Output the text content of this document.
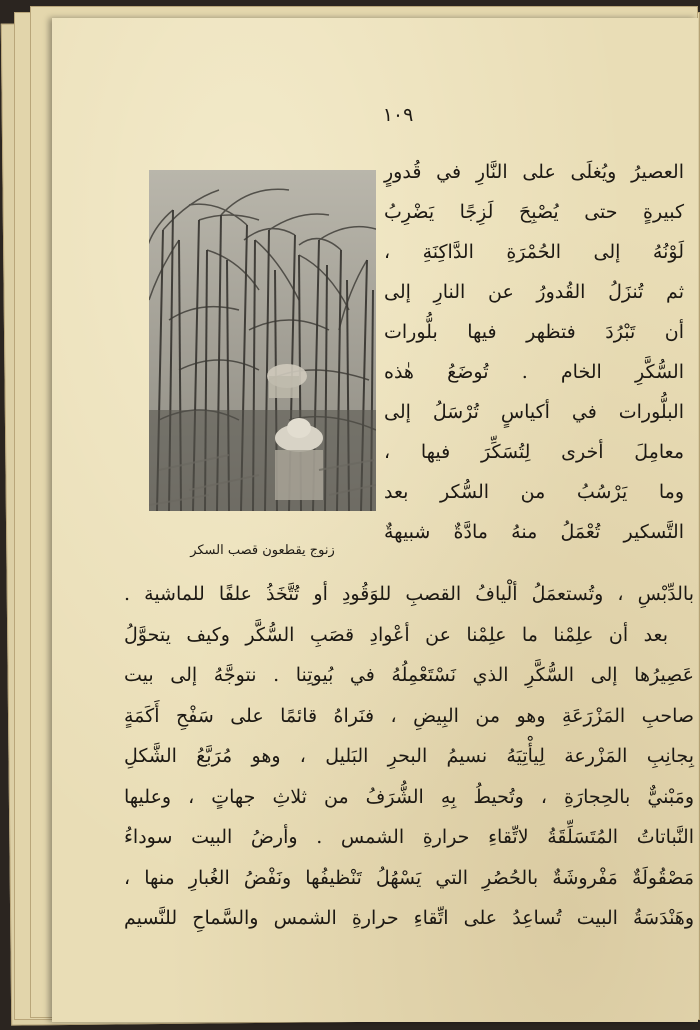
١٠٩
زنوج يقطعون قصب السكر
العصيرُ ويُغلَى على النَّارِ في قُدورٍ
كبيرةٍ حتى يُصْبِحَ لَزِجًا يَضْرِبُ
لَوْنُهُ إلى الحُمْرَةِ الدَّاكِنَةِ ،
ثم تُنزَلُ القُدورُ عن النارِ إلى
أن تَبْرُدَ فتظهر فيها بلُّورات
السُّكَّرِ الخام . تُوضَعُ هٰذه
البلُّورات في أكياسٍ تُرْسَلُ إلى
معامِلَ أخرى لِتُسَكِّرَ فيها ،
وما يَرْسُبُ من السُّكر بعد
التَّسكير تُعْمَلُ منهُ مادَّةٌ شبيهةٌ
بالدِّبْسِ ، وتُستعمَلُ ألْيافُ القصبِ للوَقُودِ أو تُتَّخَذُ علفًا للماشية .
بعد أن علِمْنا ما علِمْنا عن أعْوادِ قصَبِ السُّكَّر وكيف يتحوَّلُ
عَصِيرُها إلى السُّكَّرِ الذي نَسْتَعْمِلُهُ في بُيوتِنا . نتوجَّهُ إلى بيت
صاحبِ المَزْرَعَةِ وهو من البِيضِ ، فنَراهُ قائمًا على سَفْحِ أَكَمَةٍ
بِجانِبِ المَزْرعة لِيأْتِيَهُ نسيمُ البحرِ البَليل ، وهو مُرَبَّعُ الشَّكلِ
ومَبْنيٌّ بالحِجارَةِ ، وتُحيطُ بِهِ الشُّرَفُ من ثلاثِ جهاتٍ ، وعليها
النَّباتاتُ المُتَسَلِّقَةُ لاتِّقاءِ حرارةِ الشمس . وأرضُ البيت سوداءُ
مَصْقُولَةٌ مَفْروشَةٌ بالحُصُرِ التي يَسْهُلُ تَنْظيفُها ونَفْضُ الغُبارِ منها ،
وهَنْدَسَةُ البيت تُساعِدُ على اتِّقاءِ حرارةِ الشمس والسَّماحِ للنَّسيم
